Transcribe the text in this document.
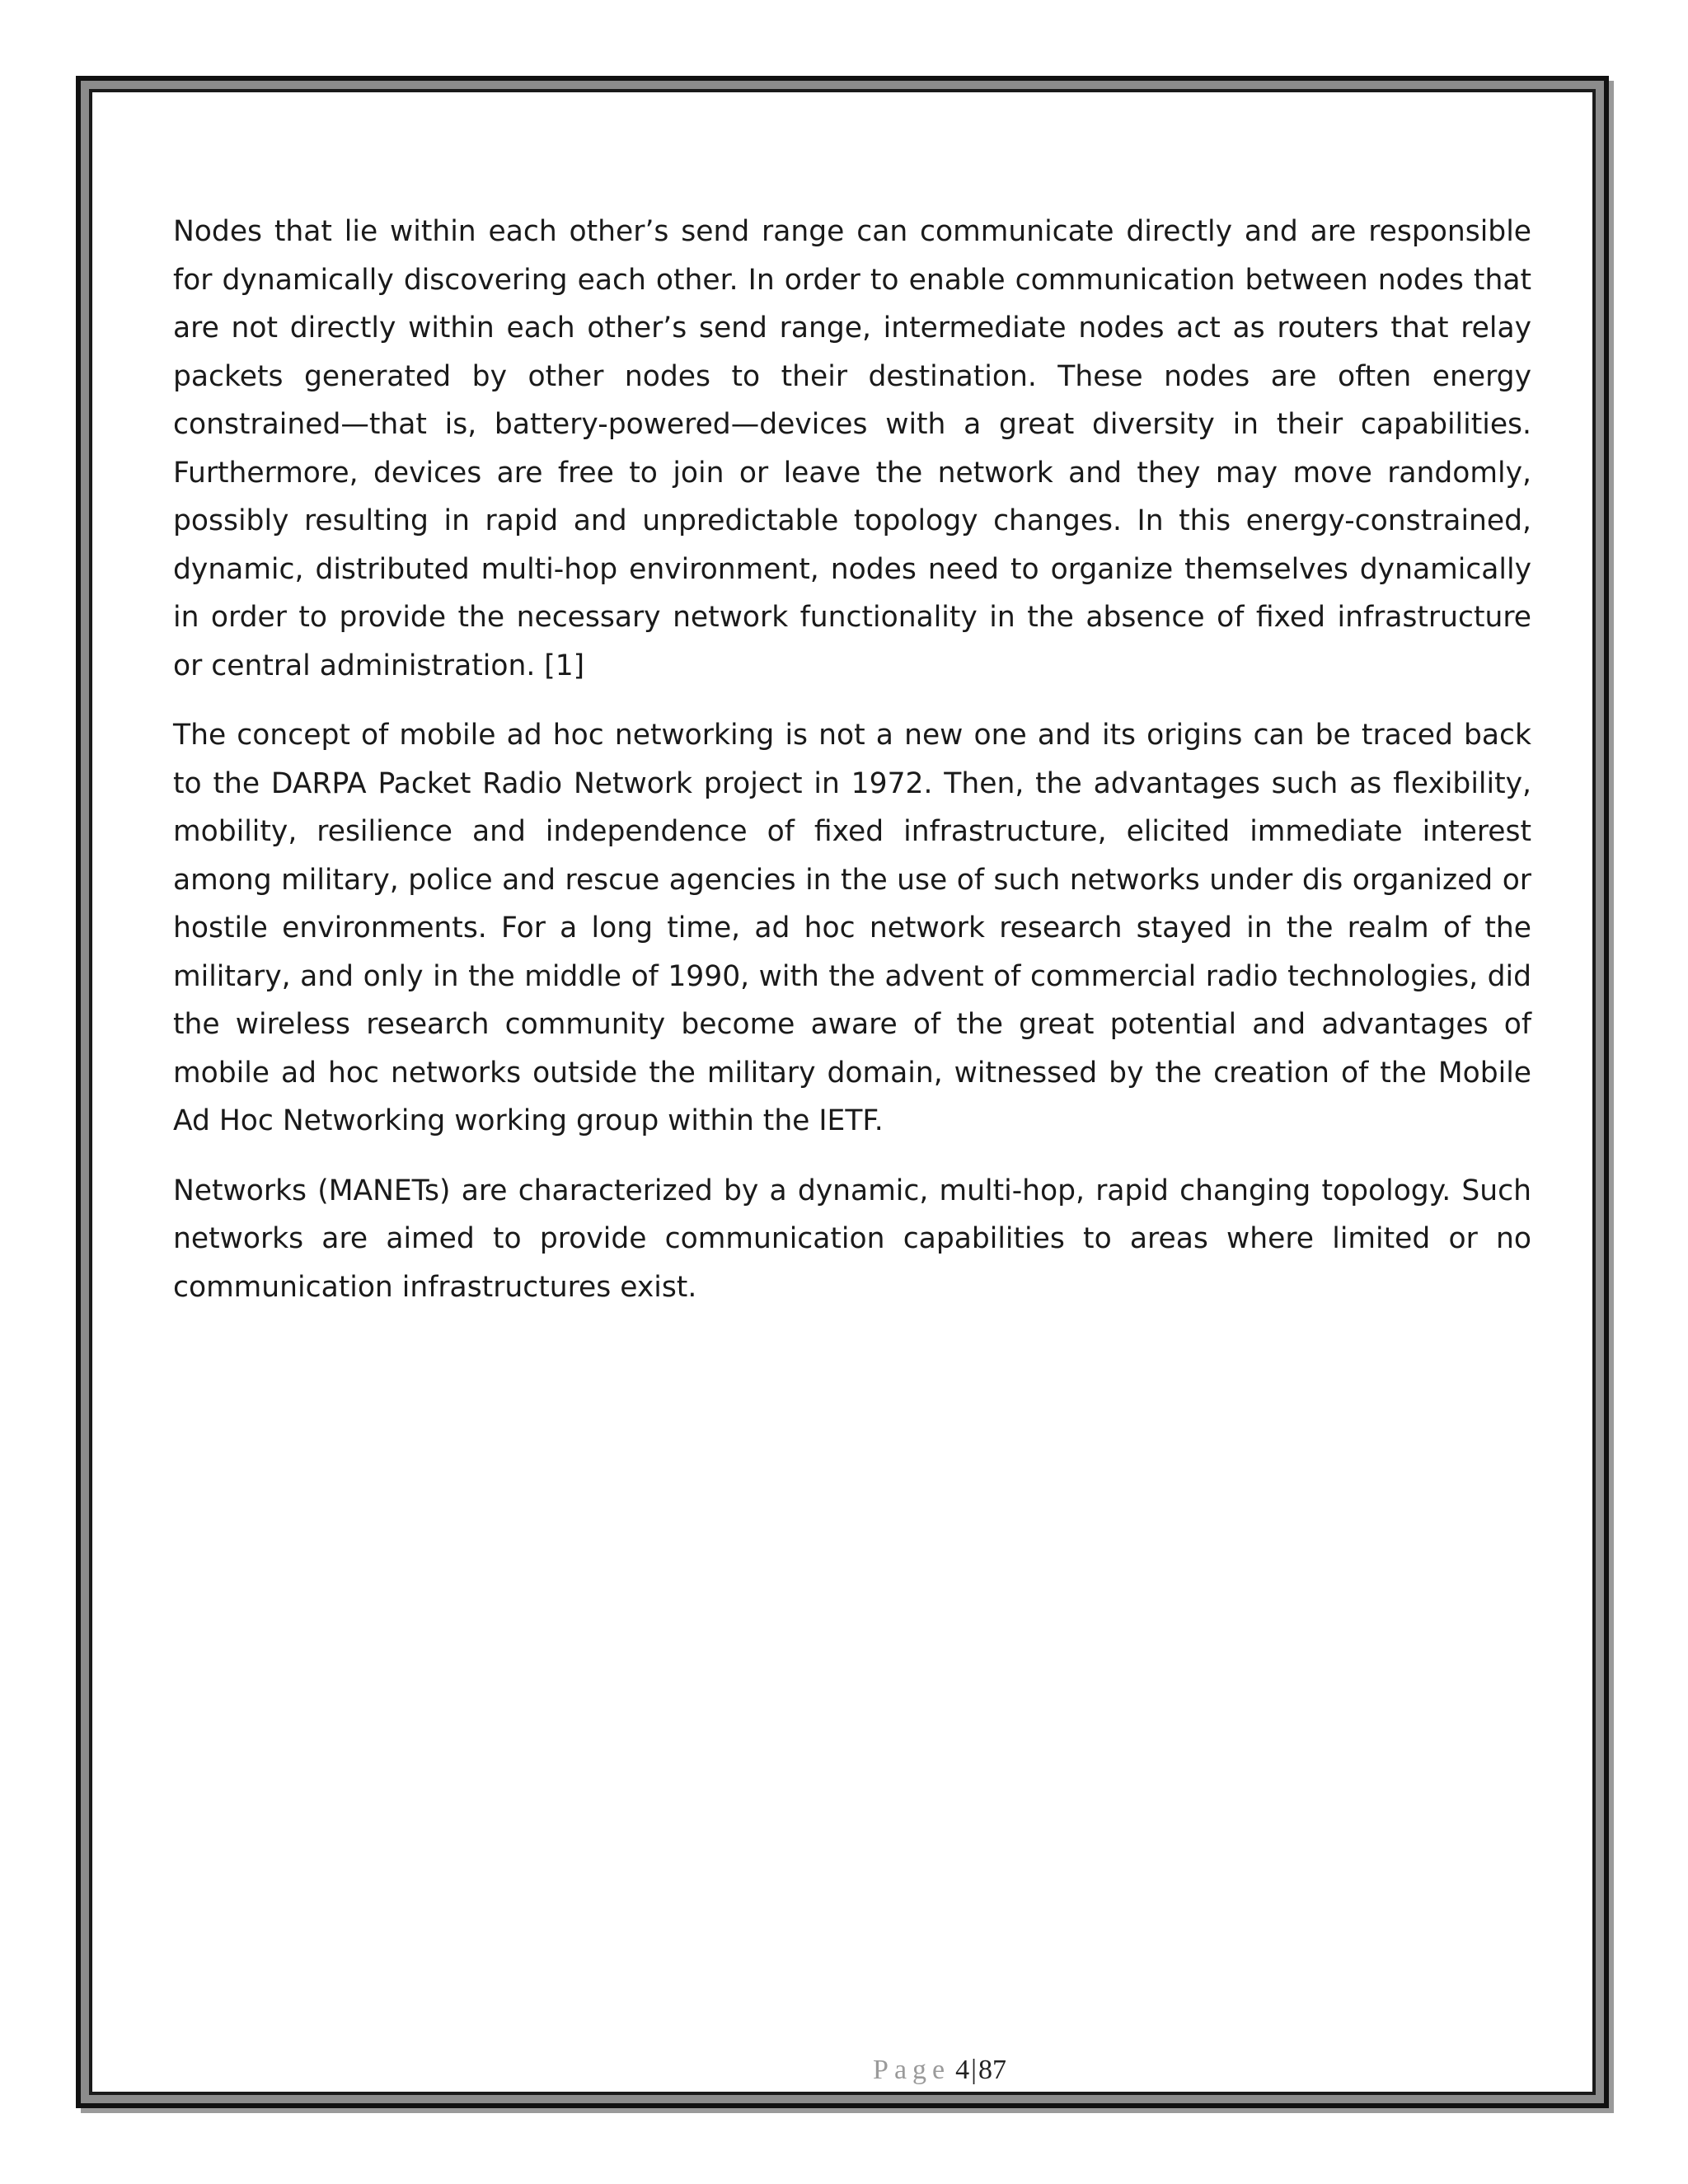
Nodes that lie within each other’s send range can communicate directly and are responsible for dynamically discovering each other. In order to enable communication between nodes that are not directly within each other’s send range, intermediate nodes act as routers that relay packets generated by other nodes to their destination. These nodes are often energy constrained—that is, battery-powered—devices with a great diversity in their capabilities. Furthermore, devices are free to join or leave the network and they may move randomly, possibly resulting in rapid and unpredictable topology changes. In this energy-constrained, dynamic, distributed multi-hop environment, nodes need to organize themselves dynamically in order to provide the necessary network functionality in the absence of fixed infrastructure or central administration. [1]

The concept of mobile ad hoc networking is not a new one and its origins can be traced back to the DARPA Packet Radio Network project in 1972. Then, the advantages such as flexibility, mobility, resilience and independence of fixed infrastructure, elicited immediate interest among military, police and rescue agencies in the use of such networks under dis organized or hostile environments. For a long time, ad hoc network research stayed in the realm of the military, and only in the middle of 1990, with the advent of commercial radio technologies, did the wireless research community become aware of the great potential and advantages of mobile ad hoc networks outside the military domain, witnessed by the creation of the Mobile Ad Hoc Networking working group within the IETF.

Networks (MANETs) are characterized by a dynamic, multi-hop, rapid changing topology. Such networks are aimed to provide communication capabilities to areas where limited or no communication infrastructures exist.

Page 4|87
